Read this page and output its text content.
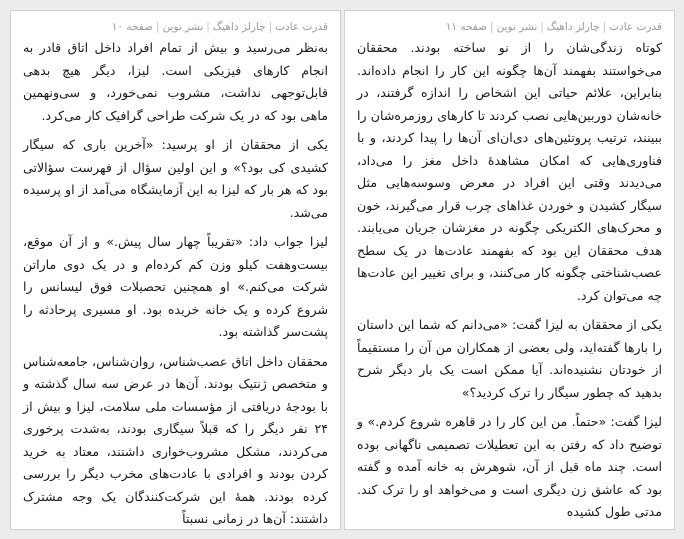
قدرت عادت|چارلز داهیگ|نشر نوین|صفحه ۱۰

به‌نظر می‌رسید و بیش از تمام افراد داخل اتاق قادر به انجام کارهای فیزیکی است. لیزا، دیگر هیچ بدهی قابل‌توجهی نداشت، مشروب نمی‌خورد، و سی‌ونهمین ماهی بود که در یک شرکت طراحی گرافیک کار می‌کرد.

یکی از محققان از او پرسید: «آخرین باری که سیگار کشیدی کی بود؟» و این اولین سؤال از فهرست سؤالاتی بود که هر بار که لیزا به این آزمایشگاه می‌آمد از او پرسیده می‌شد.

لیزا جواب داد: «تقریباً چهار سال پیش.» و از آن موقع، بیست‌وهفت کیلو وزن کم کرده‌ام و در یک دوی ماراتن شرکت می‌کنم.» او همچنین تحصیلات فوق لیسانس را شروع کرده و یک خانه خریده بود. او مسیری پرحادثه را پشت‌سر گذاشته بود.

محققان داخل اتاق عصب‌شناس، روان‌شناس، جامعه‌شناس و متخصص ژنتیک بودند. آن‌ها در عرض سه سال گذشته و با بودجهٔ دریافتی از مؤسسات ملی سلامت، لیزا و بیش از ۲۴ نفر دیگر را که قبلاً سیگاری بودند، به‌شدت پرخوری می‌کردند، مشکل مشروب‌خواری داشتند، معتاد به خرید کردن بودند و افرادی با عادت‌های مخرب دیگر را بررسی کرده بودند. همهٔ این شرکت‌کنندگان یک وجه مشترک داشتند: آن‌ها در زمانی نسبتاً

قدرت عادت|چارلز داهیگ|نشر نوین|صفحه ۱۱

کوتاه زندگی‌شان را از نو ساخته بودند. محققان می‌خواستند بفهمند آن‌ها چگونه این کار را انجام داده‌اند. بنابراین، علائم حیاتی این اشخاص را اندازه گرفتند، در خانه‌شان دوربین‌هایی نصب کردند تا کارهای روزمره‌شان را ببینند، ترتیب پروتئین‌های دی‌ان‌ای آن‌ها را پیدا کردند، و با فناوری‌هایی که امکان مشاهدهٔ داخل مغز را می‌داد، می‌دیدند وقتی این افراد در معرض وسوسه‌هایی مثل سیگار کشیدن و خوردن غذاهای چرب قرار می‌گیرند، خون و محرک‌های الکتریکی چگونه در مغزشان جریان می‌یابند. هدف محققان این بود که بفهمند عادت‌ها در یک سطح عصب‌شناختی چگونه کار می‌کنند، و برای تغییر این عادت‌ها چه می‌توان کرد.

یکی از محققان به لیزا گفت: «می‌دانم که شما این داستان را بارها گفته‌اید، ولی بعضی از همکاران من آن را مستقیماً از خودتان نشنیده‌اند. آیا ممکن است یک بار دیگر شرح بدهید که چطور سیگار را ترک کردید؟»

لیزا گفت: «حتماً. من این کار را در قاهره شروع کردم.» و توضیح داد که رفتن به این تعطیلات تصمیمی ناگهانی بوده است. چند ماه قبل از آن، شوهرش به خانه آمده و گفته بود که عاشق زن دیگری است و می‌خواهد او را ترک کند. مدتی طول کشیده
